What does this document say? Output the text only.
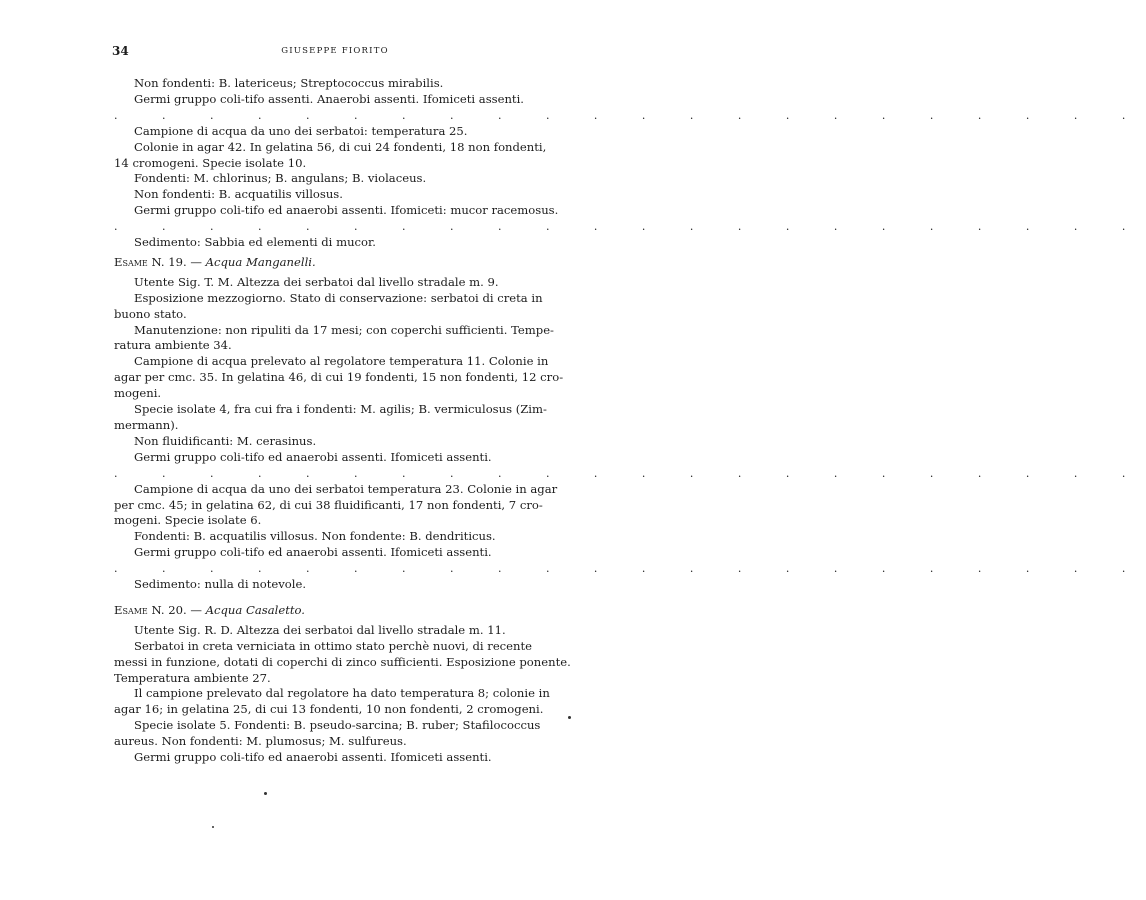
34	GIUSEPPE FIORITO

Non fondenti: B. latericeus; Streptococcus mirabilis.

Germi gruppo coli-tifo assenti. Anaerobi assenti. Ifomiceti assenti.

. . . . . . . . . . . . . . . . . . . . . .

Campione di acqua da uno dei serbatoi: temperatura 25.

Colonie in agar 42. In gelatina 56, di cui 24 fondenti, 18 non fondenti,

14 cromogeni. Specie isolate 10.

Fondenti: M. chlorinus; B. angulans; B. violaceus.

Non fondenti: B. acquatilis villosus.

Germi gruppo coli-tifo ed anaerobi assenti. Ifomiceti: mucor racemosus.

. . . . . . . . . . . . . . . . . . . . . .

Sedimento: Sabbia ed elementi di mucor.

Esame N. 19. — Acqua Manganelli.

Utente Sig. T. M. Altezza dei serbatoi dal livello stradale m. 9.

Esposizione mezzogiorno. Stato di conservazione: serbatoi di creta in

buono stato.

Manutenzione: non ripuliti da 17 mesi; con coperchi sufficienti. Tempe-

ratura ambiente 34.

Campione di acqua prelevato al regolatore temperatura 11. Colonie in

agar per cmc. 35. In gelatina 46, di cui 19 fondenti, 15 non fondenti, 12 cro-

mogeni.

Specie isolate 4, fra cui fra i fondenti: M. agilis; B. vermiculosus (Zim-

mermann).

Non fluidificanti: M. cerasinus.

Germi gruppo coli-tifo ed anaerobi assenti. Ifomiceti assenti.

. . . . . . . . . . . . . . . . . . . . . .

Campione di acqua da uno dei serbatoi temperatura 23. Colonie in agar

per cmc. 45; in gelatina 62, di cui 38 fluidificanti, 17 non fondenti, 7 cro-

mogeni. Specie isolate 6.

Fondenti: B. acquatilis villosus. Non fondente: B. dendriticus.

Germi gruppo coli-tifo ed anaerobi assenti. Ifomiceti assenti.

. . . . . . . . . . . . . . . . . . . . . .

Sedimento: nulla di notevole.

Esame N. 20. — Acqua Casaletto.

Utente Sig. R. D. Altezza dei serbatoi dal livello stradale m. 11.

Serbatoi in creta verniciata in ottimo stato perchè nuovi, di recente

messi in funzione, dotati di coperchi di zinco sufficienti. Esposizione ponente.

Temperatura ambiente 27.

Il campione prelevato dal regolatore ha dato temperatura 8; colonie in

agar 16; in gelatina 25, di cui 13 fondenti, 10 non fondenti, 2 cromogeni.

Specie isolate 5. Fondenti: B. pseudo-sarcina; B. ruber; Stafilococcus

aureus. Non fondenti: M. plumosus; M. sulfureus.

Germi gruppo coli-tifo ed anaerobi assenti. Ifomiceti assenti.
